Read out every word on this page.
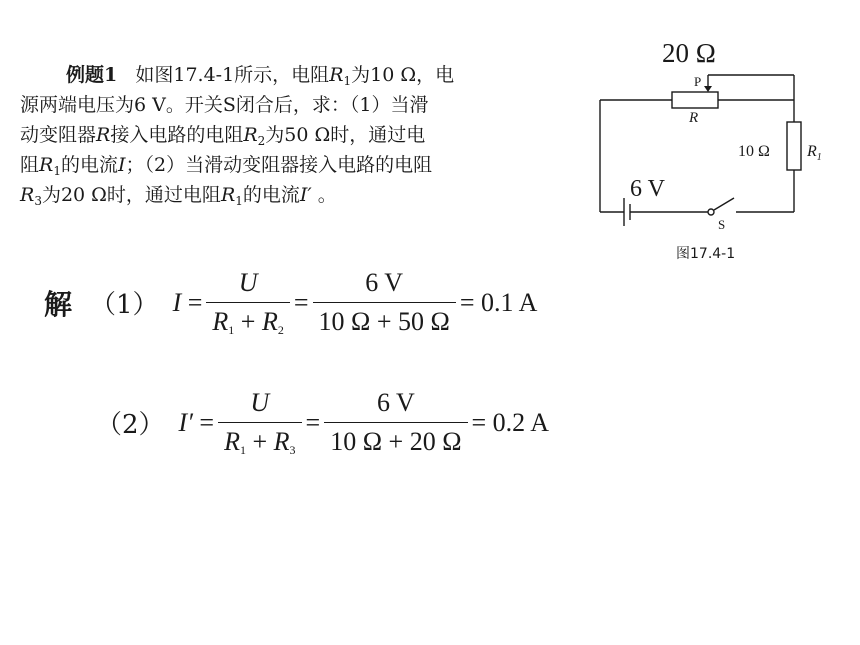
例题1 如图17.4-1所示，电阻$R_1$为10 Ω，电
源两端电压为6 V。开关S闭合后，求：（1）当滑
动变阻器R接入电路的电阻$R_2$为50 Ω时，通过电
阻$R_1$的电流I；（2）当滑动变阻器接入电路的电阻
$R_3$为20 Ω时，通过电阻$R_1$的电流I′ 。
20 Ω
P
R
10 Ω $R_1$
6 V
S
图17.4-1
解 （1） $I = \frac{U}{R_1 + R_2} = \frac{6 V}{10 \Omega + 50 \Omega} = 0.1$ A
（2） $I' = \frac{U}{R_1 + R_3} = \frac{6 V}{10 \Omega + 20 \Omega} = 0.2$ A
